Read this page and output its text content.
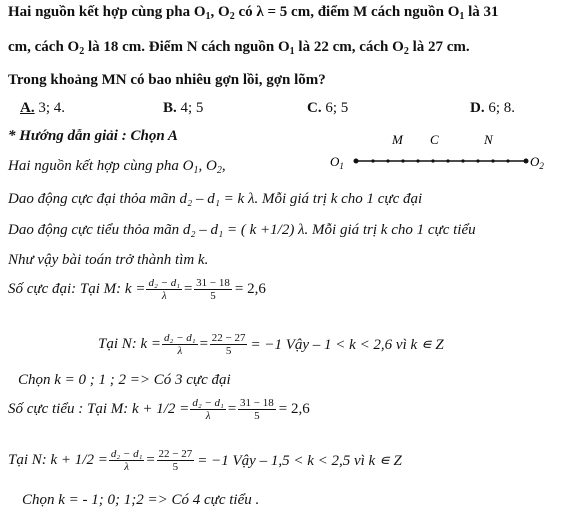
Hai nguồn kết hợp cùng pha $O_1$, $O_2$ có λ = 5 cm, điểm M cách nguồn $O_1$ là 31
cm, cách $O_2$ là 18 cm. Điểm N cách nguồn $O_1$ là 22 cm, cách $O_2$ là 27 cm.
Trong khoảng MN có bao nhiêu gợn lồi, gợn lõm?
A. 3; 4.	B. 4; 5	C. 6; 5	D. 6; 8.
* Hướng dẫn giải : Chọn A	M C	N
$O_1$	$O_2$
Hai nguồn kết hợp cùng pha $O_1$, $O_2$,
Dao động cực đại thỏa mãn d₂ – d₁ = k λ. Mỗi giá trị k cho 1 cực đại
Dao động cực tiểu thỏa mãn d₂ – d₁ = ( k +1/2) λ. Mỗi giá trị k cho 1 cực tiểu
Như vậy bài toán trở thành tìm k.
Số cực đại: Tại M: $k = \frac{\text{d₂ − d₁}}{\lambda} = \frac{31 - 18}{5} = 2,6$
Tại N: $k = \frac{\text{d₂ − d₁}}{\lambda} = \frac{22 - 27}{5} = -1$ Vậy – 1 < k < 2,6 vì k ∊ Z
Chọn k = 0 ; 1 ; 2 => Có 3 cực đại
Số cực tiểu : Tại M: $k + 1/2 = \frac{\text{d₂ − d₁}}{\lambda} = \frac{31 - 18}{5} = 2,6$
Tại N: $k + 1/2 = \frac{\text{d₂ − d₁}}{\lambda} = \frac{22 - 27}{5} = -1$ Vậy – 1,5 < k < 2,5 vì k ∊ Z
Chọn k = - 1; 0; 1;2 => Có 4 cực tiểu .
